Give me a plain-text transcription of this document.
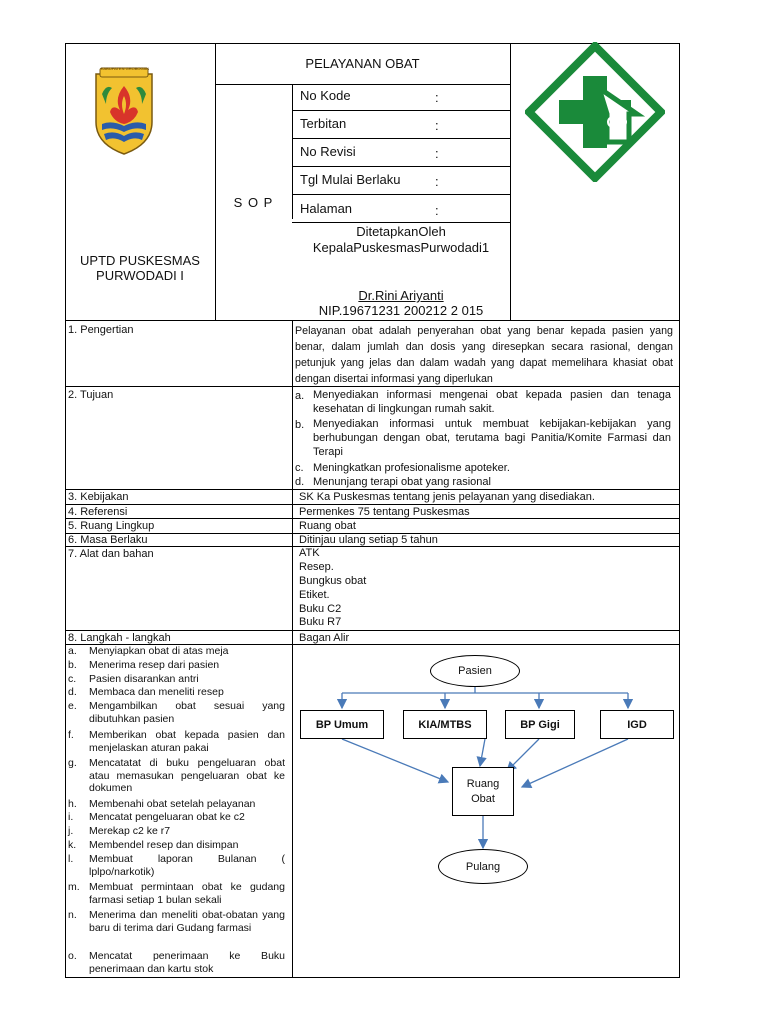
KABUPATEN GROBOGAN
UPTD PUSKESMAS
PURWODADI I
PELAYANAN OBAT
S O P
No Kode	:
Terbitan	:
No Revisi	:
Tgl Mulai Berlaku	:
Halaman	:
DitetapkanOleh
KepalaPuskesmasPurwodadi1
Dr.Rini Ariyanti
NIP.19671231 200212 2 015
1. Pengertian	Pelayanan obat adalah penyerahan obat yang benar kepada pasien yang benar, dalam jumlah dan dosis yang diresepkan secara rasional, dengan petunjuk yang jelas dan dalam wadah yang dapat memelihara khasiat obat dengan disertai informasi yang diperlukan
2. Tujuan	a. Menyediakan informasi mengenai obat kepada pasien dan tenaga kesehatan di lingkungan rumah sakit.
b. Menyediakan informasi untuk membuat kebijakan-kebijakan yang berhubungan dengan obat, terutama bagi Panitia/Komite Farmasi dan Terapi
c. Meningkatkan profesionalisme apoteker.
d. Menunjang terapi obat yang rasional
3. Kebijakan	SK Ka Puskesmas tentang jenis pelayanan yang disediakan.
4. Referensi	Permenkes 75 tentang Puskesmas
5. Ruang Lingkup	Ruang obat
6. Masa Berlaku	Ditinjau ulang setiap 5 tahun
7. Alat dan bahan	ATK
Resep.
Bungkus obat
Etiket.
Buku C2
Buku R7
8. Langkah - langkah	Bagan Alir
a. Menyiapkan obat di atas meja
b. Menerima resep dari pasien
c. Pasien disarankan antri
d. Membaca dan meneliti resep
e. Mengambilkan obat sesuai yang dibutuhkan pasien
f. Memberikan obat kepada pasien dan menjelaskan aturan pakai
g. Mencatatat di buku pengeluaran obat atau memasukan pengeluaran obat ke dokumen
h. Membenahi obat setelah pelayanan
i. Mencatat pengeluaran obat ke c2
j. Merekap c2 ke r7
k. Membendel resep dan disimpan
l. Membuat laporan Bulanan ( lplpo/narkotik)
m. Membuat permintaan obat ke gudang farmasi setiap 1 bulan sekali
n. Menerima dan meneliti obat-obatan yang baru di terima dari Gudang farmasi
o. Mencatat penerimaan ke Buku penerimaan dan kartu stok
Pasien
BP Umum	KIA/MTBS	BP Gigi	IGD
Ruang
Obat
Pulang
